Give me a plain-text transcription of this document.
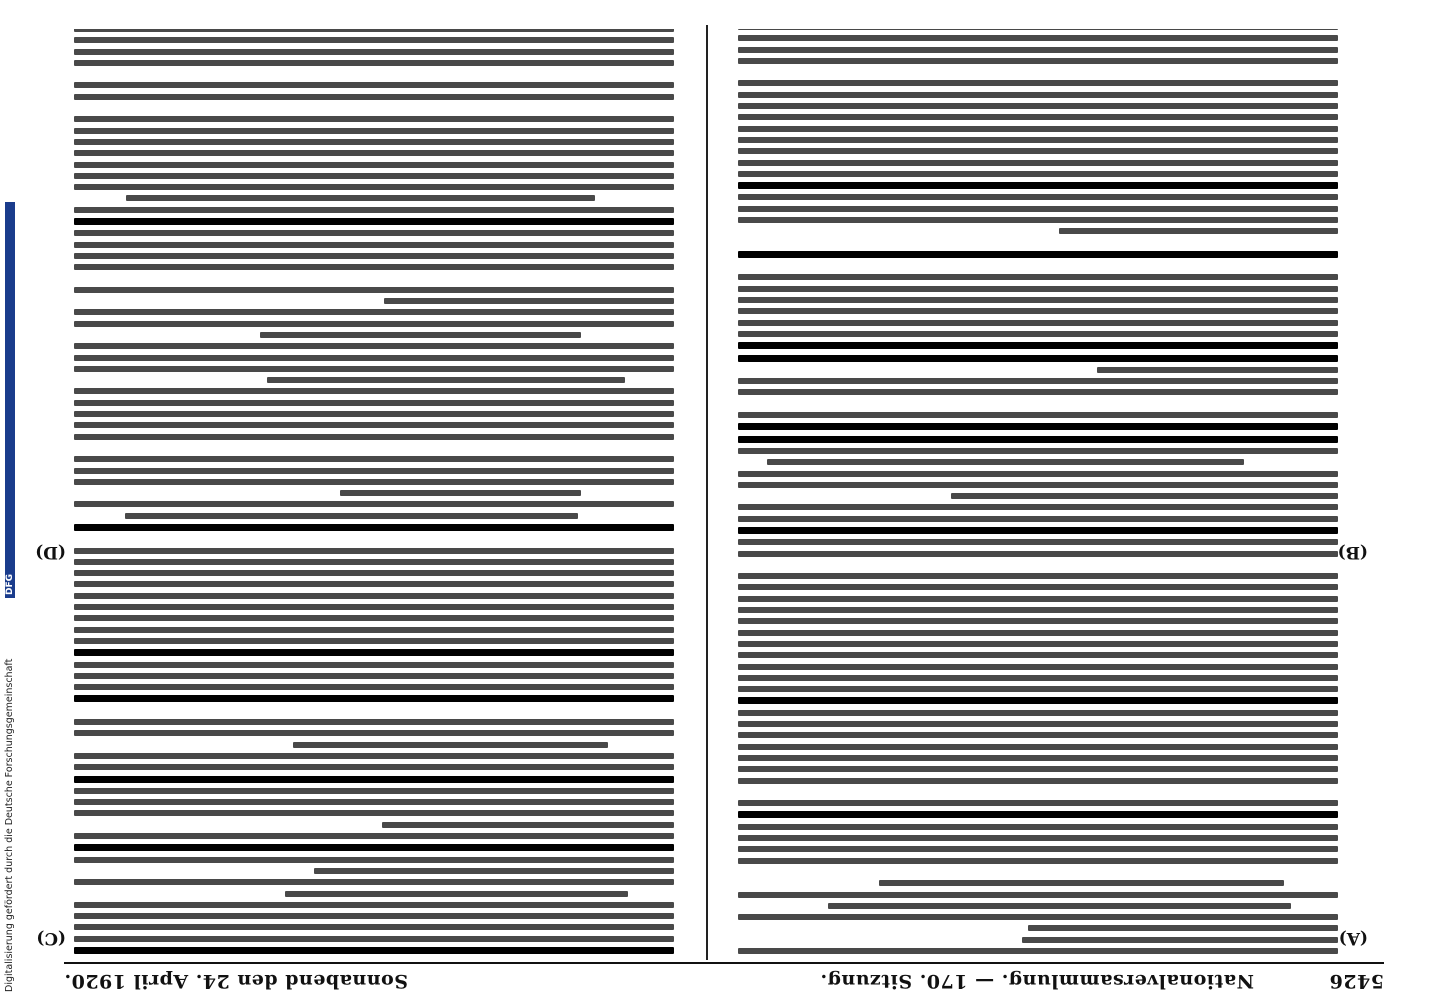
5426
Nationalversammlung. — 170. Sitzung.
Sonnabend den 24. April 1920.
(A)
(B)
(C)
(D)
Digitalisierung gefördert durch die Deutsche ForschungsgemeinschaftDFG
